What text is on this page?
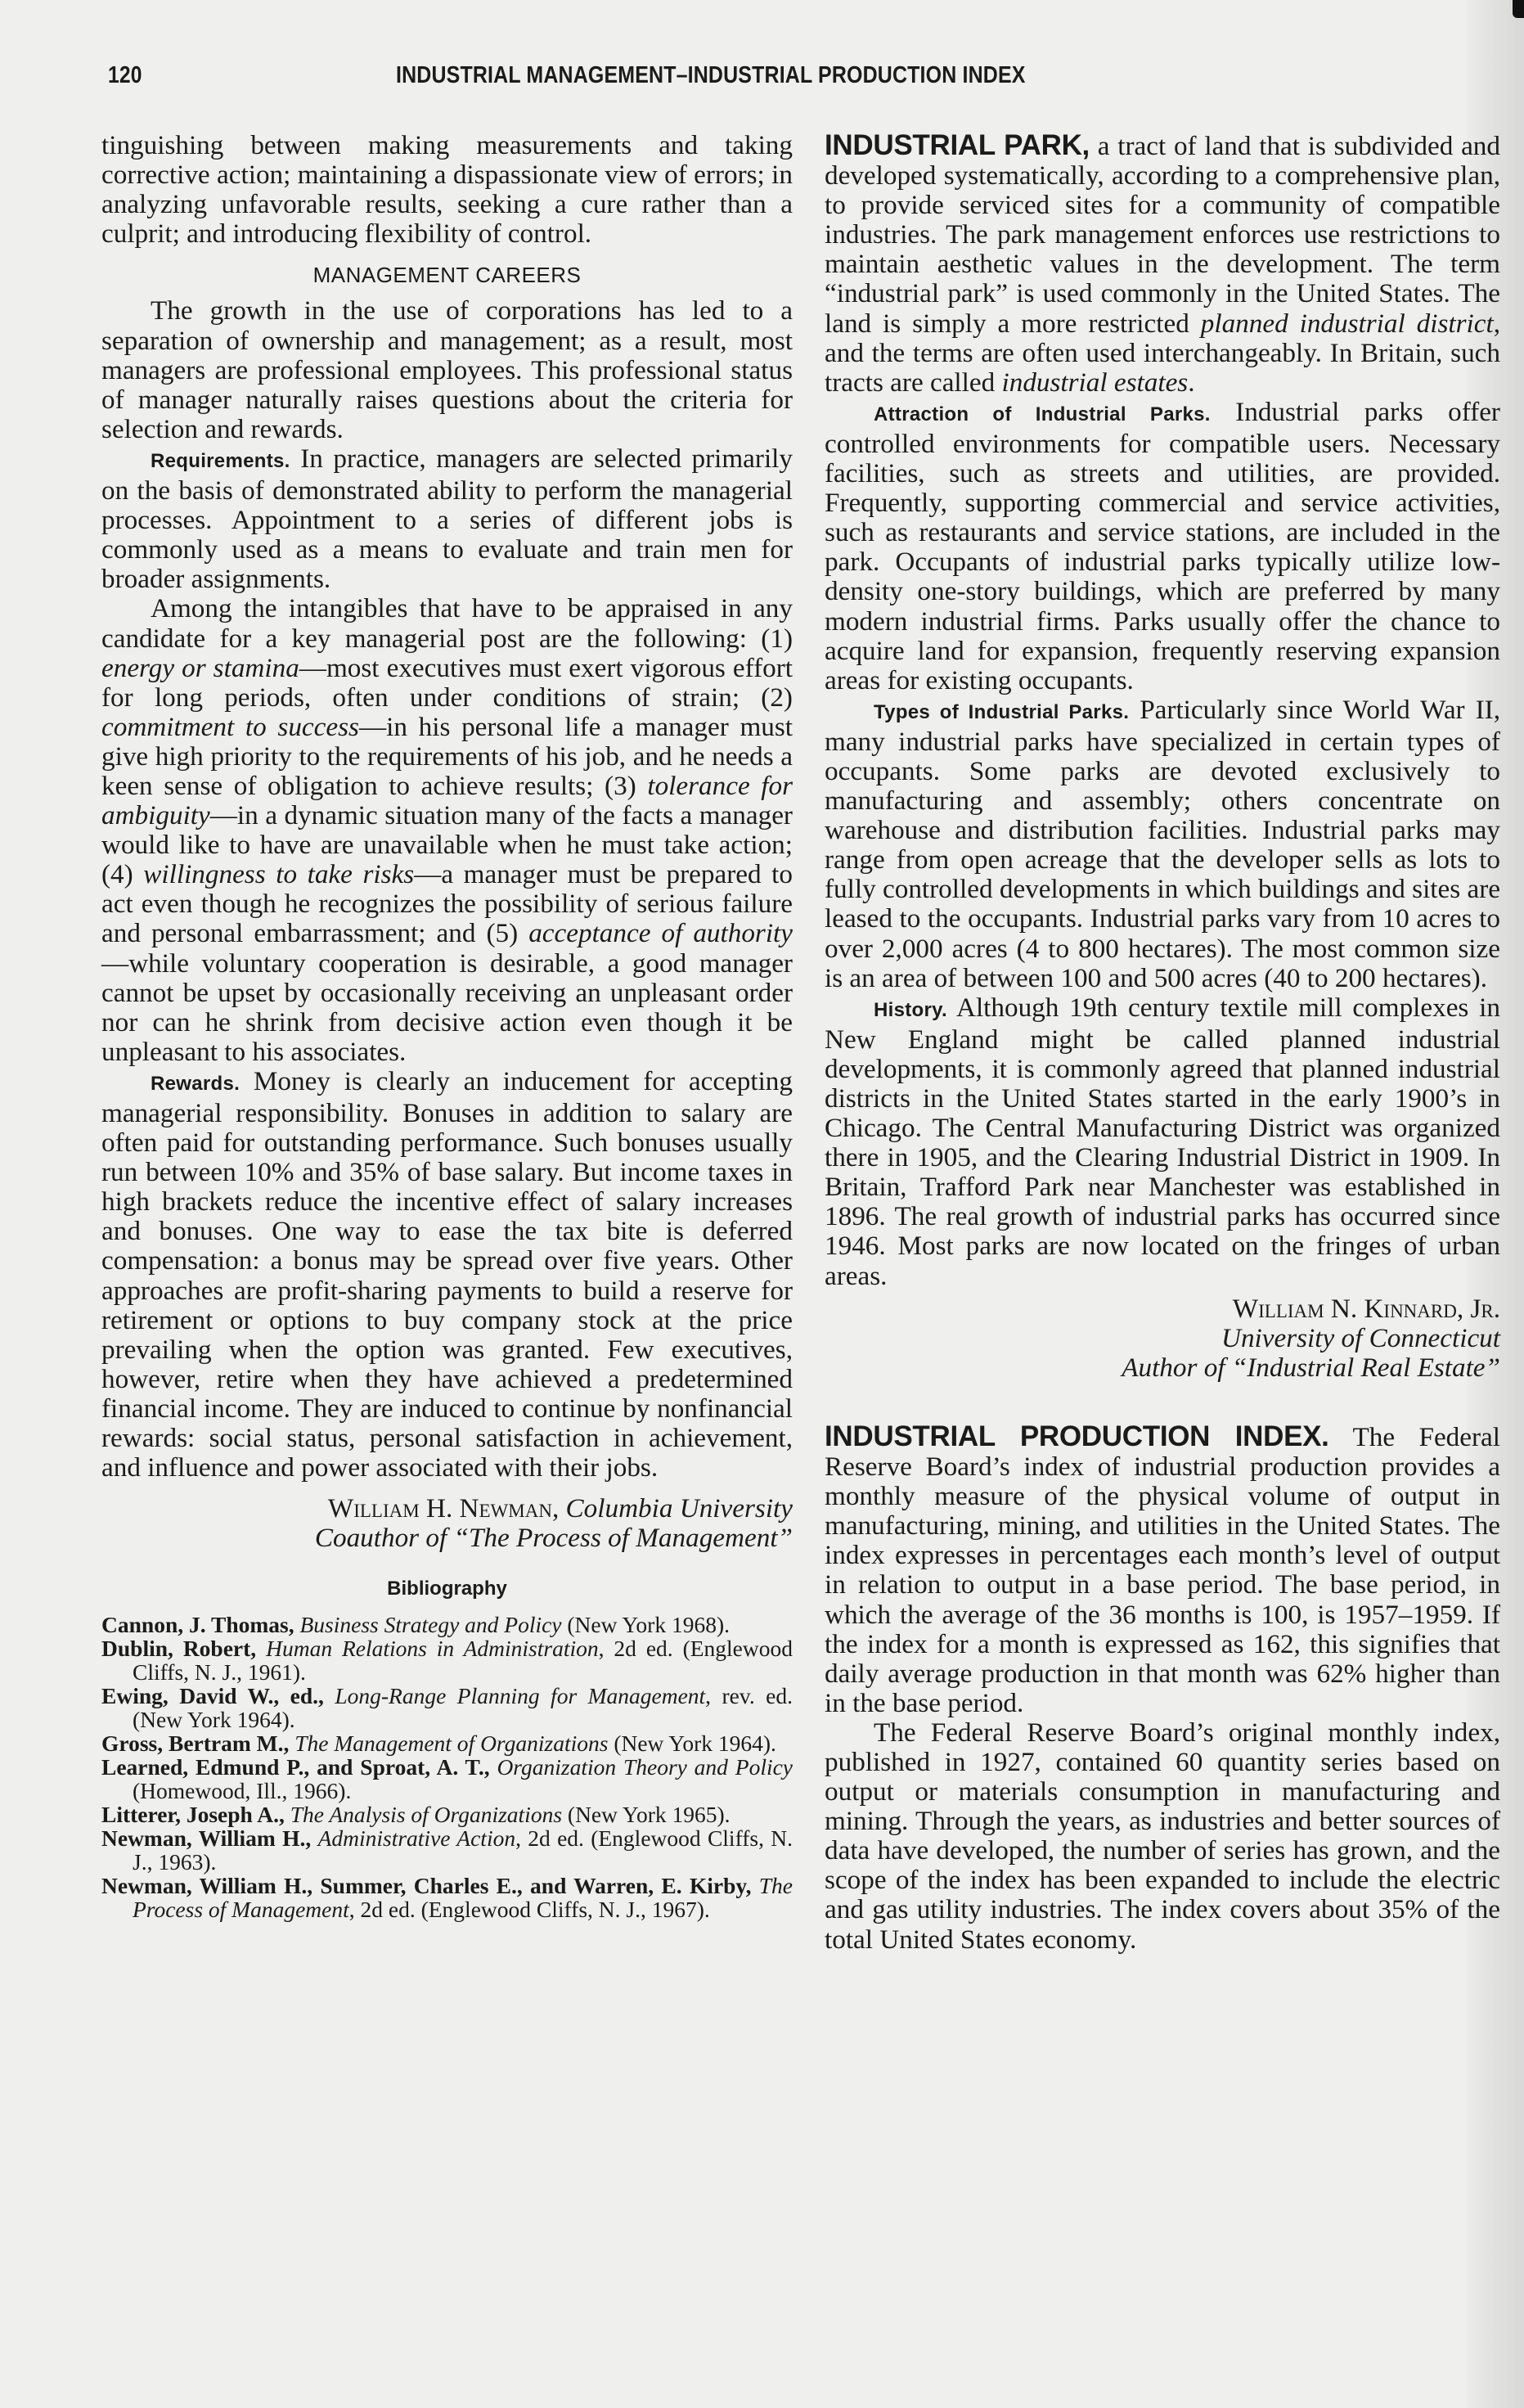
120	INDUSTRIAL MANAGEMENT–INDUSTRIAL PRODUCTION INDEX

tinguishing between making measurements and taking corrective action; maintaining a dispassionate view of errors; in analyzing unfavorable results, seeking a cure rather than a culprit; and introducing flexibility of control.

MANAGEMENT CAREERS

The growth in the use of corporations has led to a separation of ownership and management; as a result, most managers are professional employees. This professional status of manager naturally raises questions about the criteria for selection and rewards.

Requirements. In practice, managers are selected primarily on the basis of demonstrated ability to perform the managerial processes. Appointment to a series of different jobs is commonly used as a means to evaluate and train men for broader assignments.

Among the intangibles that have to be appraised in any candidate for a key managerial post are the following: (1) energy or stamina—most executives must exert vigorous effort for long periods, often under conditions of strain; (2) commitment to success—in his personal life a manager must give high priority to the requirements of his job, and he needs a keen sense of obligation to achieve results; (3) tolerance for ambiguity—in a dynamic situation many of the facts a manager would like to have are unavailable when he must take action; (4) willingness to take risks—a manager must be prepared to act even though he recognizes the possibility of serious failure and personal embarrassment; and (5) acceptance of authority—while voluntary cooperation is desirable, a good manager cannot be upset by occasionally receiving an unpleasant order nor can he shrink from decisive action even though it be unpleasant to his associates.

Rewards. Money is clearly an inducement for accepting managerial responsibility. Bonuses in addition to salary are often paid for outstanding performance. Such bonuses usually run between 10% and 35% of base salary. But income taxes in high brackets reduce the incentive effect of salary increases and bonuses. One way to ease the tax bite is deferred compensation: a bonus may be spread over five years. Other approaches are profit-sharing payments to build a reserve for retirement or options to buy company stock at the price prevailing when the option was granted. Few executives, however, retire when they have achieved a predetermined financial income. They are induced to continue by nonfinancial rewards: social status, personal satisfaction in achievement, and influence and power associated with their jobs.

William H. Newman, Columbia University
Coauthor of “The Process of Management”
Bibliography
Cannon, J. Thomas, Business Strategy and Policy (New York 1968).
Dublin, Robert, Human Relations in Administration, 2d ed. (Englewood Cliffs, N. J., 1961).
Ewing, David W., ed., Long-Range Planning for Management, rev. ed. (New York 1964).
Gross, Bertram M., The Management of Organizations (New York 1964).
Learned, Edmund P., and Sproat, A. T., Organization Theory and Policy (Homewood, Ill., 1966).
Litterer, Joseph A., The Analysis of Organizations (New York 1965).
Newman, William H., Administrative Action, 2d ed. (Englewood Cliffs, N. J., 1963).
Newman, William H., Summer, Charles E., and Warren, E. Kirby, The Process of Management, 2d ed. (Englewood Cliffs, N. J., 1967).

INDUSTRIAL PARK, a tract of land that is subdivided and developed systematically, according to a comprehensive plan, to provide serviced sites for a community of compatible industries. The park management enforces use restrictions to maintain aesthetic values in the development. The term “industrial park” is used commonly in the United States. The land is simply a more restricted planned industrial district, and the terms are often used interchangeably. In Britain, such tracts are called industrial estates.

Attraction of Industrial Parks. Industrial parks offer controlled environments for compatible users. Necessary facilities, such as streets and utilities, are provided. Frequently, supporting commercial and service activities, such as restaurants and service stations, are included in the park. Occupants of industrial parks typically utilize low-density one-story buildings, which are preferred by many modern industrial firms. Parks usually offer the chance to acquire land for expansion, frequently reserving expansion areas for existing occupants.

Types of Industrial Parks. Particularly since World War II, many industrial parks have specialized in certain types of occupants. Some parks are devoted exclusively to manufacturing and assembly; others concentrate on warehouse and distribution facilities. Industrial parks may range from open acreage that the developer sells as lots to fully controlled developments in which buildings and sites are leased to the occupants. Industrial parks vary from 10 acres to over 2,000 acres (4 to 800 hectares). The most common size is an area of between 100 and 500 acres (40 to 200 hectares).

History. Although 19th century textile mill complexes in New England might be called planned industrial developments, it is commonly agreed that planned industrial districts in the United States started in the early 1900’s in Chicago. The Central Manufacturing District was organized there in 1905, and the Clearing Industrial District in 1909. In Britain, Trafford Park near Manchester was established in 1896. The real growth of industrial parks has occurred since 1946. Most parks are now located on the fringes of urban areas.

William N. Kinnard, Jr.
University of Connecticut
Author of “Industrial Real Estate”

INDUSTRIAL PRODUCTION INDEX. The Federal Reserve Board’s index of industrial production provides a monthly measure of the physical volume of output in manufacturing, mining, and utilities in the United States. The index expresses in percentages each month’s level of output in relation to output in a base period. The base period, in which the average of the 36 months is 100, is 1957–1959. If the index for a month is expressed as 162, this signifies that daily average production in that month was 62% higher than in the base period.

The Federal Reserve Board’s original monthly index, published in 1927, contained 60 quantity series based on output or materials consumption in manufacturing and mining. Through the years, as industries and better sources of data have developed, the number of series has grown, and the scope of the index has been expanded to include the electric and gas utility industries. The index covers about 35% of the total United States economy.
